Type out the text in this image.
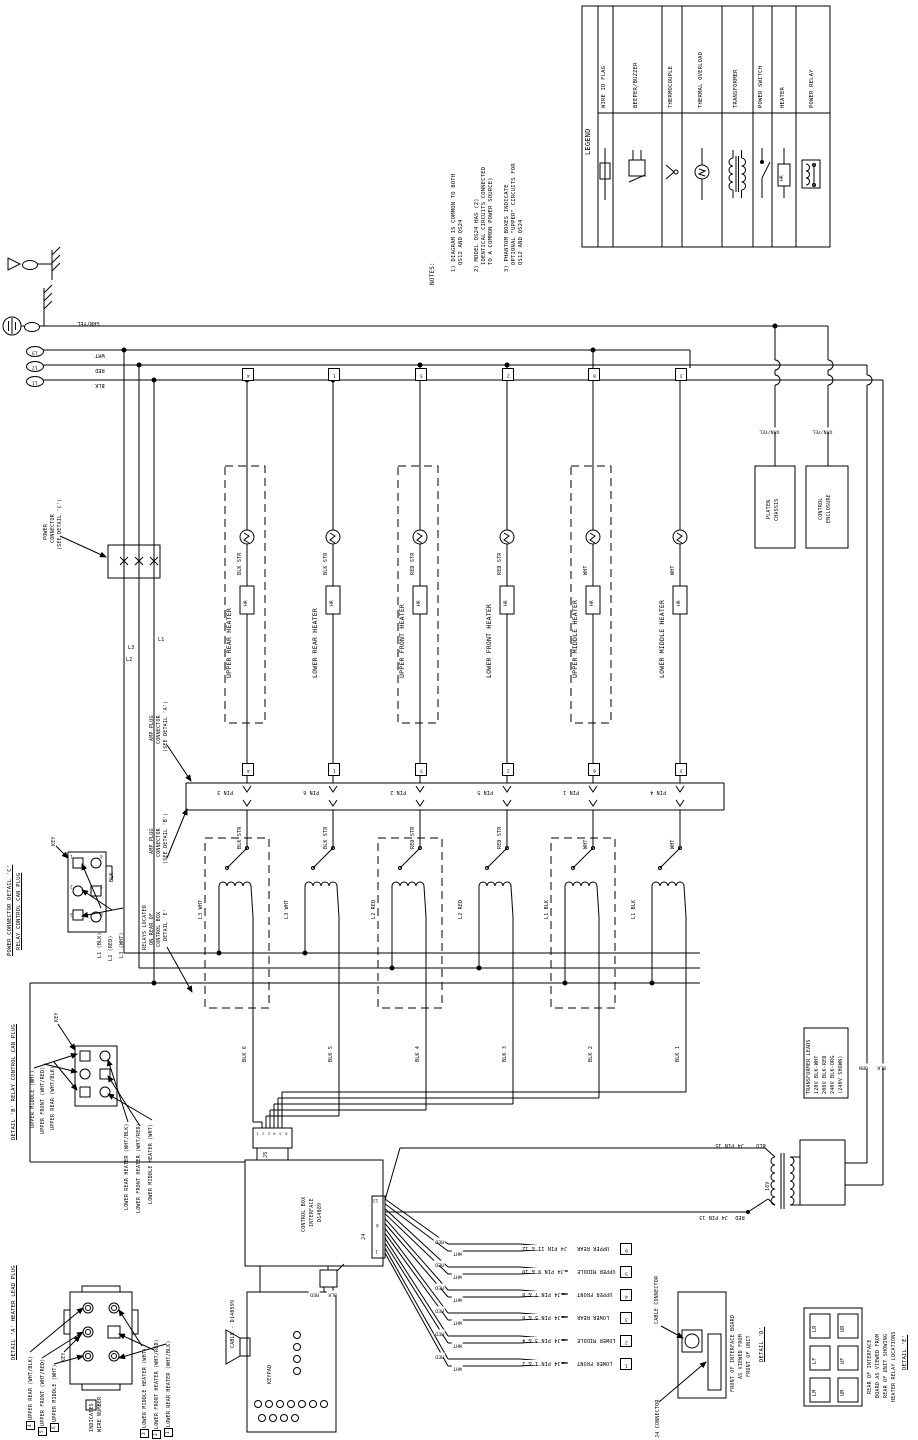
LEGEND
WIRE ID FLAG	BEEPER/BUZZER	THERMOCOUPLE	THERMAL OVERLOAD	TRANSFORMER	POWER SWITCH	HEATER	POWER RELAY
HR
NOTES:
1) DIAGRAM IS COMMON TO BOTH QS12 AND QS24 2) MODEL QS24 HAS (2) IDENTICAL CIRCUITS CONNECTED TO A COMMON POWER SOURCE) 3) PHANTOM BOXES INDICATE OPTIONAL "UPPER" CIRCUITS FOR QS12 AND QS24
GRN/YEL
WHT
RED
BLK
L3
L2
L1
L3
L2
L1
POWER CONNECTOR (SEE DETAIL 'C')
UPPER REAR HEATER
BLK STR
HR
PIN 3
BLK STR
L3 WHT
BLK 6
4
4
LOWER REAR HEATER
BLK STR
HR
PIN 6
BLK STR
L3 WHT
BLK 5
1
1
UPPER FRONT HEATER
RED STR
HR
PIN 2
RED STR
L2 RED
BLK 4
5
5
LOWER FRONT HEATER
RED STR
HR
PIN 5
RED STR
L2 RED
BLK 3
2
2
UPPER MIDDLE HEATER
WHT
HR
PIN 1
WHT
L1 BLK
BLK 2
6
6
LOWER MIDDLE HEATER
WHT
HR
PIN 4
WHT
L1 BLK
BLK 1
3
3
AMP PLUG CONNECTOR (SEE DETAIL 'A')
AMP PLUG CONNECTOR (SEE DETAIL 'B')
RELAYS LOCATED ON REAR OF CONTROL BOX DETAIL 'E'
PLATEN CHASSIS	CONTROL ENCLOSURE
GRN/YEL	GRN/YEL
CONTROL BOX INTERFACE D14089
J5
J4
13
8
1
1 2 3 4 5 6
RED BLK
CABLE - D140599
KEYPAD
J4 PIN 11 & 12 UPPER REAR
RED
WHT
6
J4 PIN 9 & 10	UPPER MIDDLE
RED
WHT
5
J4 PIN 7 & 8	UPPER FRONT
RED
WHT
4
J4 PIN 5 & 6	LOWER REAR
RED
WHT
3
J4 PIN 3 & 4	LOWER MIDDLE
RED
WHT
2
J4 PIN 1 & 2	LOWER FRONT
RED
WHT
1
J4 PIN 15 BLU
J4 PIN 13 RED
16V
ORN BLK
TRANSFORMER LEADS 120V BLK-WHT 208V BLK-RED 240V BLK-ORG (240V SHOWN)
POWER CONNECTOR DETAIL 'C' RELAY CONTROL CAN PLUG
KEY
1
2
3
4
5
6
L1 (BLK) L2 (RED) L3 (WHT)
BLK
DETAIL 'B' RELAY CONTROL CAN PLUG
KEY
UPPER MIDDLE (WHT) UPPER FRONT (WHT/RED) UPPER REAR (WHT/BLK)
LOWER REAR HEATER (WHT/BLK) LOWER FRONT HEATER (WHT/RED) LOWER MIDDLE HEATER (WHT)
DETAIL 'A' HEATER LEAD PLUG	KEY
4UPPER REAR (WHT/BLK)
5UPPER FRONT (WHT/RED)
6UPPER MIDDLE (WHT)	INDICATES WIRE NUMBER
3LOWER MIDDLE HEATER (WHT)
2LOWER FRONT HEATER (WHT/RED)
1LOWER REAR HEATER (WHT/BLK)
CABLE CONNECTOR
J4 CONNECTOR
FRONT OF INTERFACE BOARD AS VIEWED FROM FRONT OF UNIT DETAIL 'D'	LR	UR
LF	UF
LM	UM	REAR OF INTERFACE BOARD AS VIEWED FROM REAR OF UNIT SHOWING HEATER RELAY LOCATIONS DETAIL 'E'
